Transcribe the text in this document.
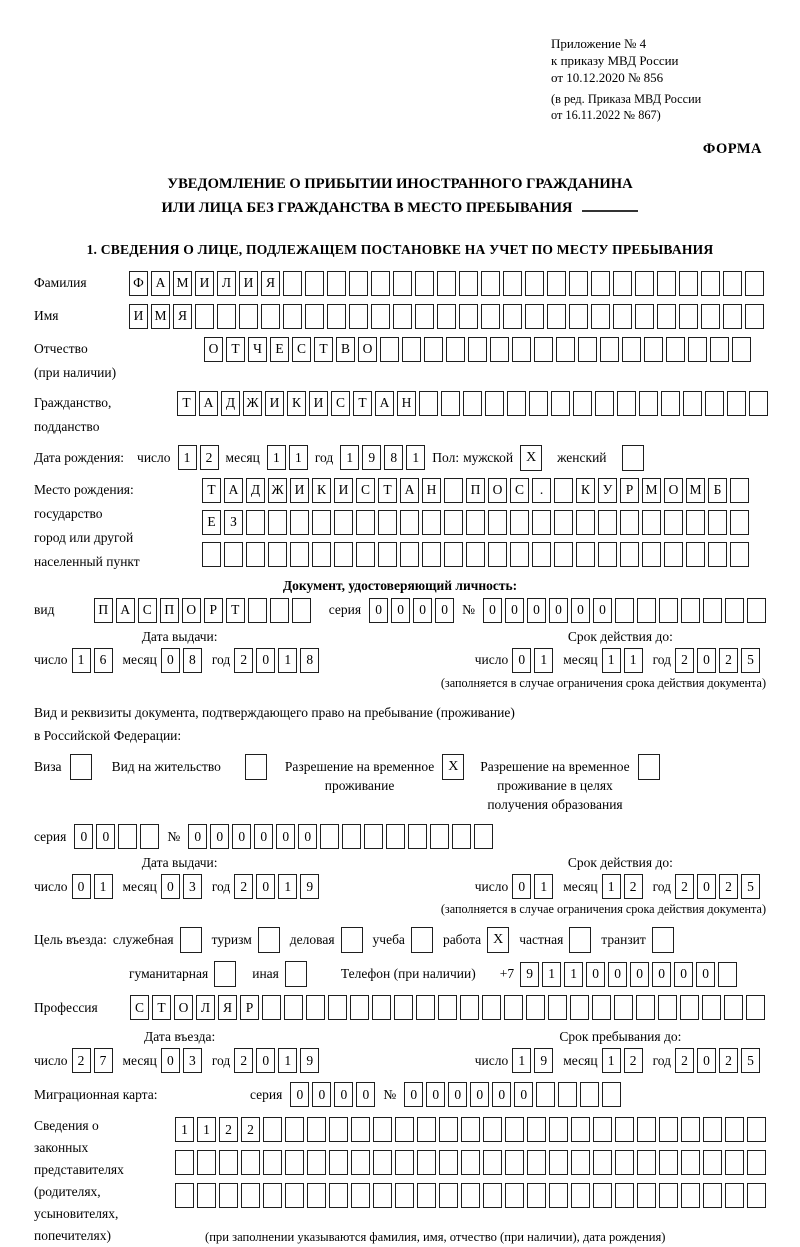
Приложение № 4
к приказу МВД России
от 10.12.2020 № 856
(в ред. Приказа МВД России
от 16.11.2022 № 867)
ФОРМА
УВЕДОМЛЕНИЕ О ПРИБЫТИИ ИНОСТРАННОГО ГРАЖДАНИНА
ИЛИ ЛИЦА БЕЗ ГРАЖДАНСТВА В МЕСТО ПРЕБЫВАНИЯ
1. СВЕДЕНИЯ О ЛИЦЕ, ПОДЛЕЖАЩЕМ ПОСТАНОВКЕ НА УЧЕТ ПО МЕСТУ ПРЕБЫВАНИЯ
Фамилия	Ф А М И Л И Я
Имя	И М Я
Отчество
(при наличии)
О Т Ч Е С Т В О
Гражданство,
подданство
Т А Д Ж И К И С Т А Н
Дата рождения: число 1	2 месяц 1	1 год 1	9	8	1 Пол: мужской X	женский
Место рождения:
государство
город или другой
населенный пункт
Т А Д Ж И К И С Т А Н	П О С	.	К У Р М О М Б
Е	З
Документ, удостоверяющий личность:
вид	П А С П О Р	Т	серия	0	0	0	0	№	0	0	0	0	0	0
Дата выдачи:
число 1	6	месяц 0	8	год 2	0	1	8
Срок действия до:
число 0	1	месяц 1	1	год 2	0	2	5
(заполняется в случае ограничения срока действия документа)
Вид и реквизиты документа, подтверждающего право на пребывание (проживание)
в Российской Федерации:
Виза	Вид на жительство	Разрешение на временное
проживание
X	Разрешение на временное
проживание в целях
получения образования
серия	0	0	№	0	0	0	0	0	0
Дата выдачи:
число 0	1	месяц 0	3	год 2	0	1	9
Срок действия до:
число 0	1	месяц 1	2	год 2	0	2	5
(заполняется в случае ограничения срока действия документа)
Цель въезда: служебная	туризм	деловая	учеба	работа X	частная	транзит
гуманитарная	иная	Телефон (при наличии) +7 9	1	1	0	0	0	0	0	0
Профессия	С Т О Л Я	Р
Дата въезда:
число 2	7	месяц 0	3	год 2	0	1	9
Срок пребывания до:
число 1	9	месяц 1	2	год 2	0	2	5
Миграционная карта:	серия	0	0	0	0	№	0	0	0	0	0	0
Сведения о
законных
представителях
(родителях,
усыновителях,
попечителях)
1	1	2	2
(при заполнении указываются фамилия, имя, отчество (при наличии), дата рождения)
